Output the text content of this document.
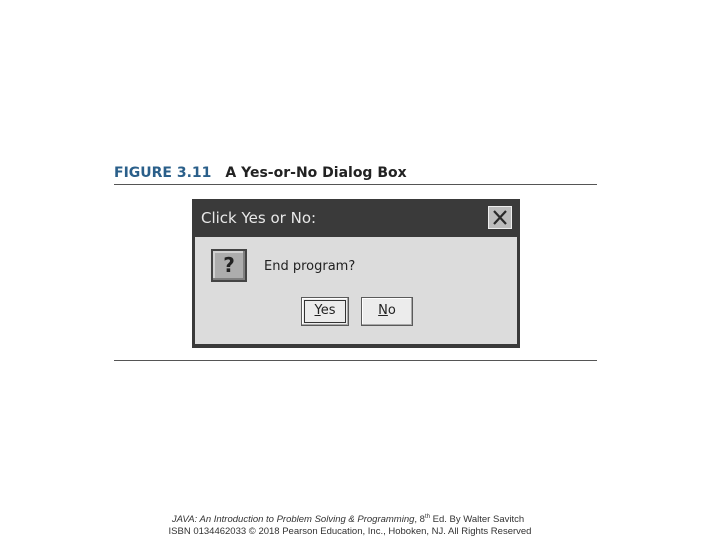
FIGURE 3.11 A Yes-or-No Dialog Box
Click Yes or No:
?	End program?
Yes	No
JAVA: An Introduction to Problem Solving & Programming, 8th Ed. By Walter Savitch
ISBN 0134462033 © 2018 Pearson Education, Inc., Hoboken, NJ. All Rights Reserved
